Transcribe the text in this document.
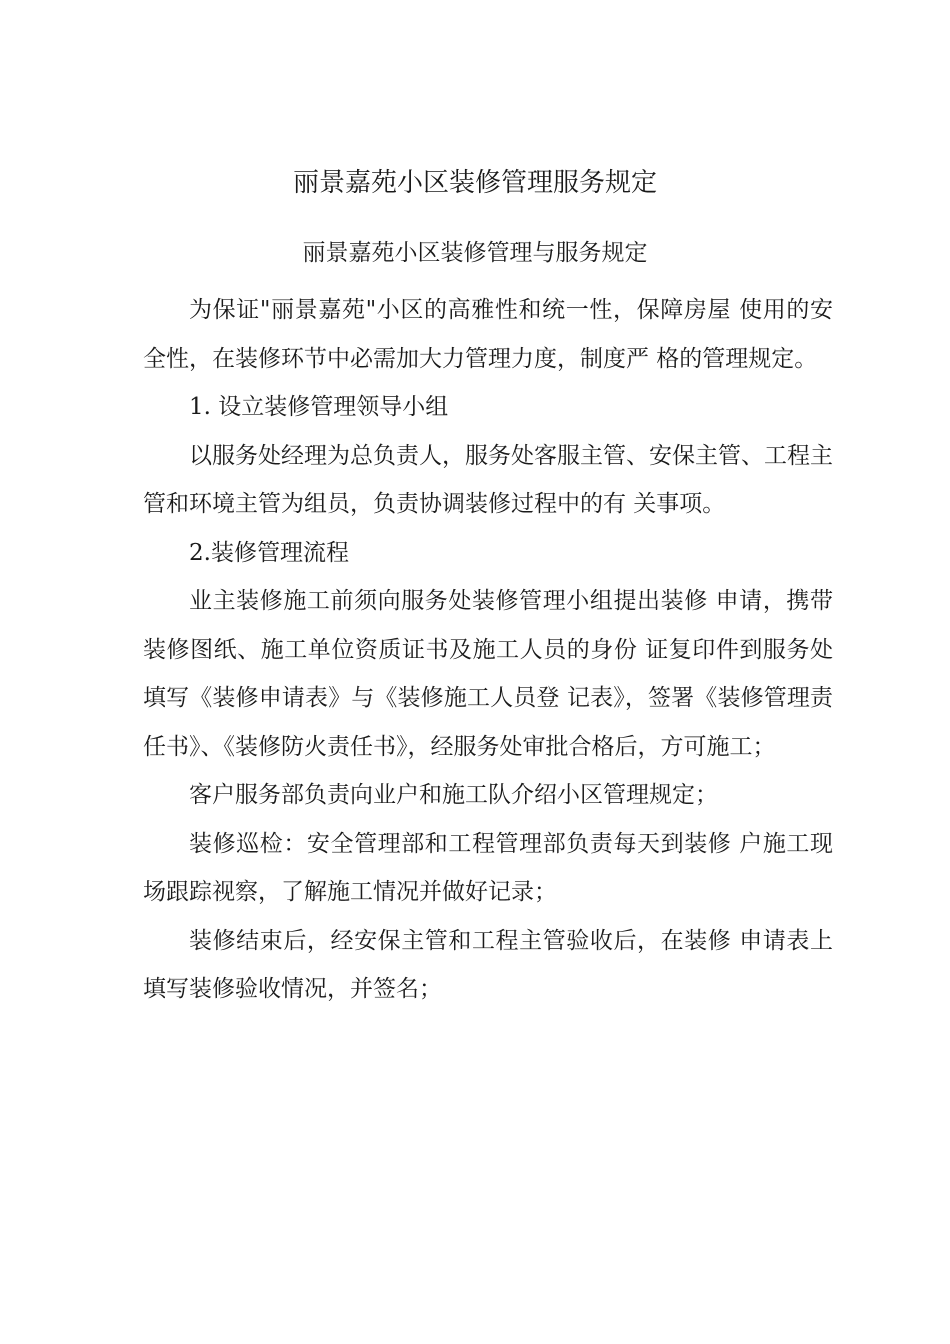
丽景嘉苑小区装修管理服务规定
丽景嘉苑小区装修管理与服务规定

为保证"丽景嘉苑"小区的高雅性和统一性，保障房屋 使用的安全性，在装修环节中必需加大力管理力度，制度严 格的管理规定。

1. 设立装修管理领导小组

以服务处经理为总负责人，服务处客服主管、安保主管、工程主管和环境主管为组员，负责协调装修过程中的有 关事项。

2.装修管理流程

业主装修施工前须向服务处装修管理小组提出装修 申请，携带装修图纸、施工单位资质证书及施工人员的身份 证复印件到服务处填写《装修申请表》与《装修施工人员登 记表》，签署《装修管理责任书》、《装修防火责任书》，经服务处审批合格后，方可施工；

客户服务部负责向业户和施工队介绍小区管理规定；

装修巡检：安全管理部和工程管理部负责每天到装修 户施工现场跟踪视察，了解施工情况并做好记录；

装修结束后，经安保主管和工程主管验收后，在装修 申请表上填写装修验收情况，并签名；
